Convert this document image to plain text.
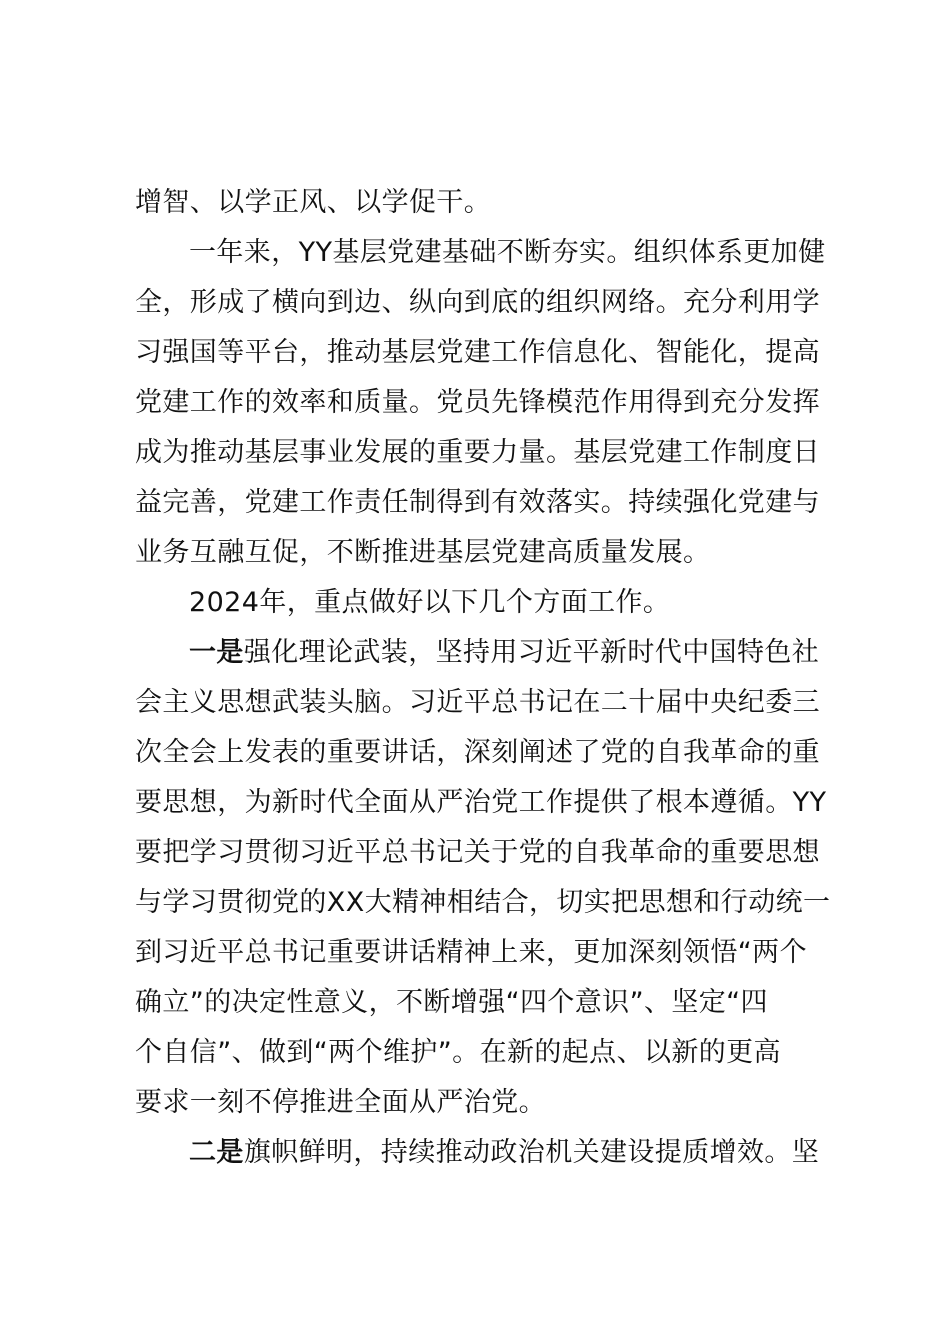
增智、以学正风、以学促干。
一年来，YY基层党建基础不断夯实。组织体系更加健
全，形成了横向到边、纵向到底的组织网络。充分利用学
习强国等平台，推动基层党建工作信息化、智能化，提高
党建工作的效率和质量。党员先锋模范作用得到充分发挥
成为推动基层事业发展的重要力量。基层党建工作制度日
益完善，党建工作责任制得到有效落实。持续强化党建与
业务互融互促，不断推进基层党建高质量发展。
2024年，重点做好以下几个方面工作。
一是强化理论武装，坚持用习近平新时代中国特色社
会主义思想武装头脑。习近平总书记在二十届中央纪委三
次全会上发表的重要讲话，深刻阐述了党的自我革命的重
要思想，为新时代全面从严治党工作提供了根本遵循。YY
要把学习贯彻习近平总书记关于党的自我革命的重要思想
与学习贯彻党的XX大精神相结合，切实把思想和行动统一
到习近平总书记重要讲话精神上来，更加深刻领悟“两个
确立”的决定性意义，不断增强“四个意识”、坚定“四
个自信”、做到“两个维护”。在新的起点、以新的更高
要求一刻不停推进全面从严治党。
二是旗帜鲜明，持续推动政治机关建设提质增效。坚
